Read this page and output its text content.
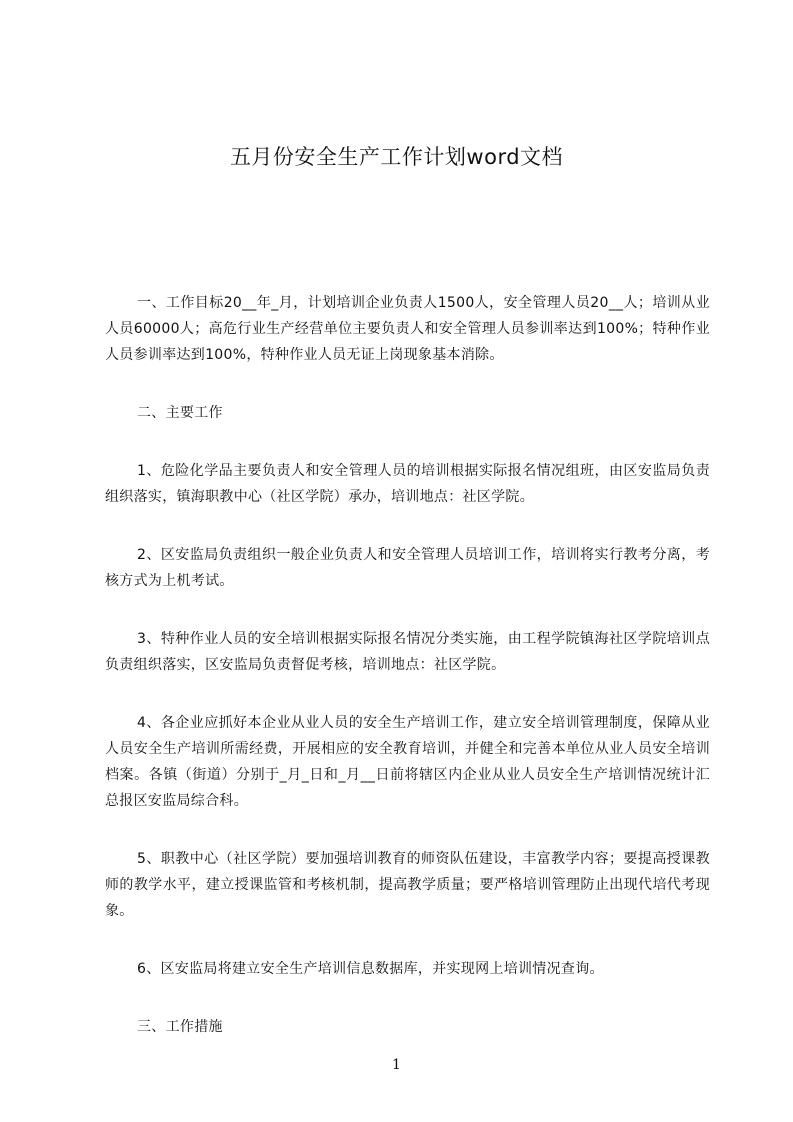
五月份安全生产工作计划word文档

一、工作目标20__年_月，计划培训企业负责人1500人，安全管理人员20__人；培训从业人员60000人；高危行业生产经营单位主要负责人和安全管理人员参训率达到100%；特种作业人员参训率达到100%，特种作业人员无证上岗现象基本消除。

二、主要工作

1、危险化学品主要负责人和安全管理人员的培训根据实际报名情况组班，由区安监局负责组织落实，镇海职教中心（社区学院）承办，培训地点：社区学院。

2、区安监局负责组织一般企业负责人和安全管理人员培训工作，培训将实行教考分离，考核方式为上机考试。

3、特种作业人员的安全培训根据实际报名情况分类实施，由工程学院镇海社区学院培训点负责组织落实，区安监局负责督促考核，培训地点：社区学院。

4、各企业应抓好本企业从业人员的安全生产培训工作，建立安全培训管理制度，保障从业人员安全生产培训所需经费，开展相应的安全教育培训，并健全和完善本单位从业人员安全培训档案。各镇（街道）分别于_月_日和_月__日前将辖区内企业从业人员安全生产培训情况统计汇总报区安监局综合科。

5、职教中心（社区学院）要加强培训教育的师资队伍建设，丰富教学内容；要提高授课教师的教学水平，建立授课监管和考核机制，提高教学质量；要严格培训管理防止出现代培代考现象。

6、区安监局将建立安全生产培训信息数据库，并实现网上培训情况查询。

三、工作措施

1
